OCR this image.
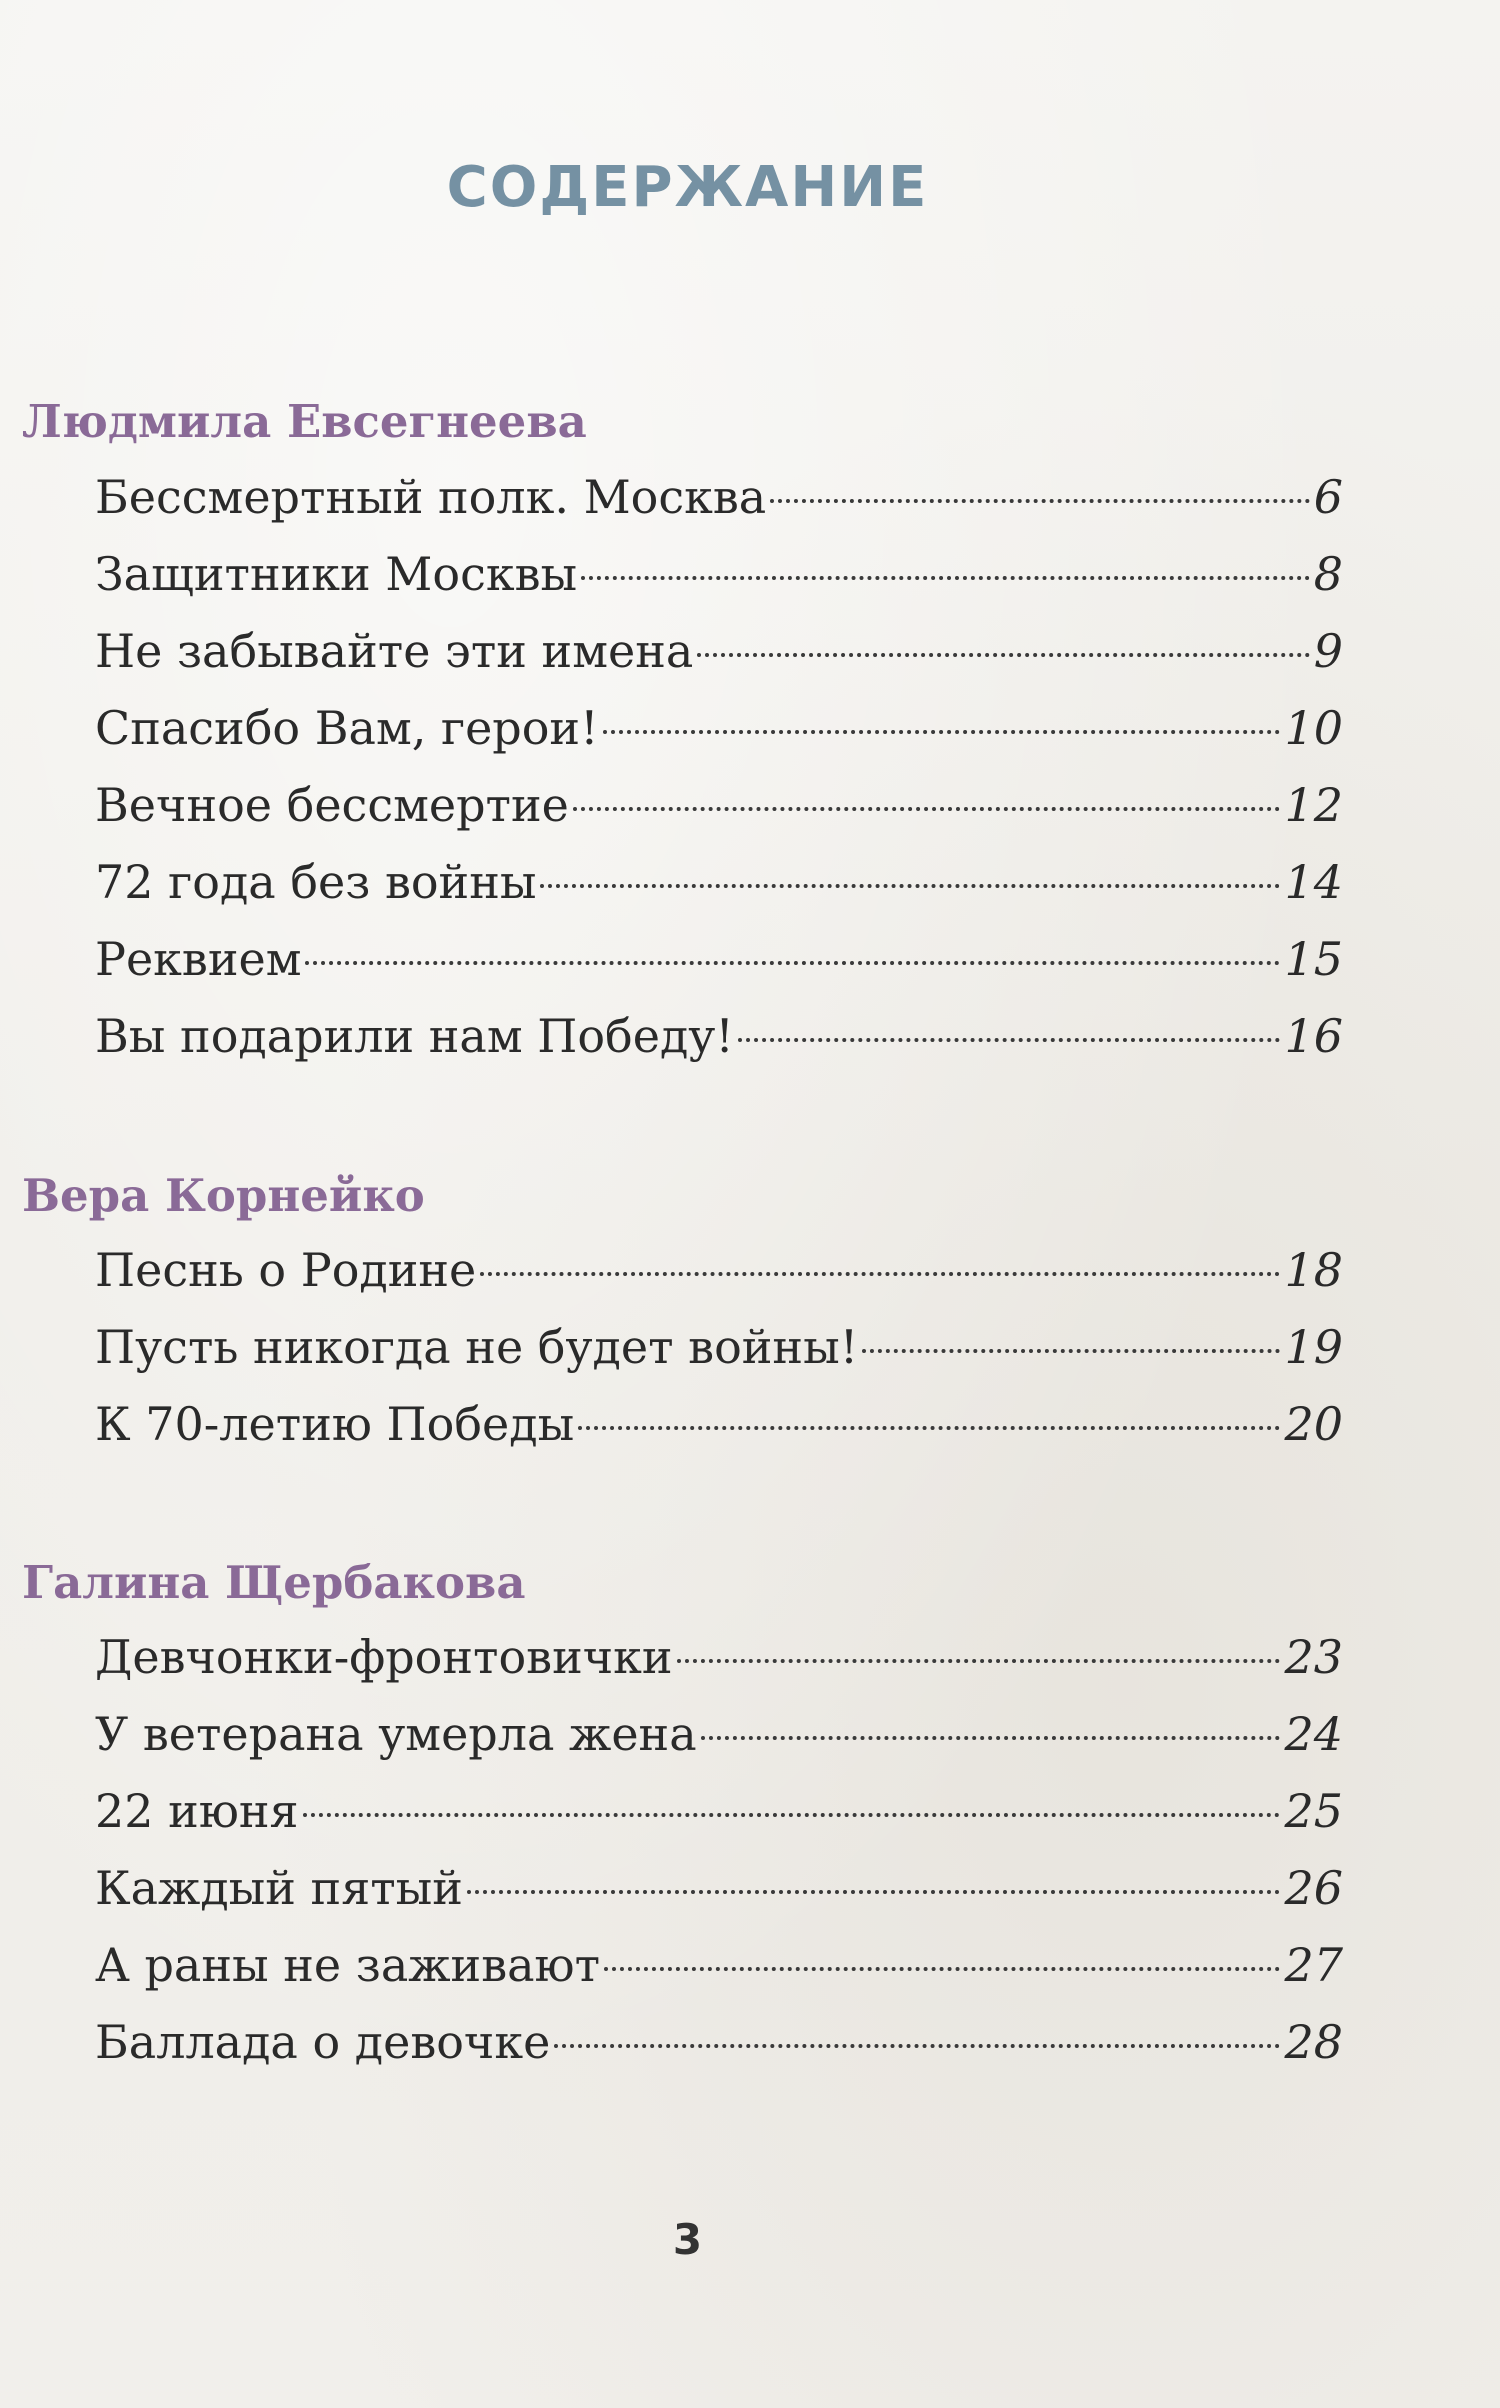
СОДЕРЖАНИЕ
Людмила Евсегнеева
Бессмертный полк. Москва	6
Защитники Москвы	8
Не забывайте эти имена	9
Спасибо Вам, герои!	10
Вечное бессмертие	12
72 года без войны	14
Реквием	15
Вы подарили нам Победу!	16
Вера Корнейко
Песнь о Родине	18
Пусть никогда не будет войны!	19
К 70-летию Победы	20
Галина Щербакова
Девчонки-фронтовички	23
У ветерана умерла жена	24
22 июня	25
Каждый пятый	26
А раны не заживают	27
Баллада о девочке	28
3
